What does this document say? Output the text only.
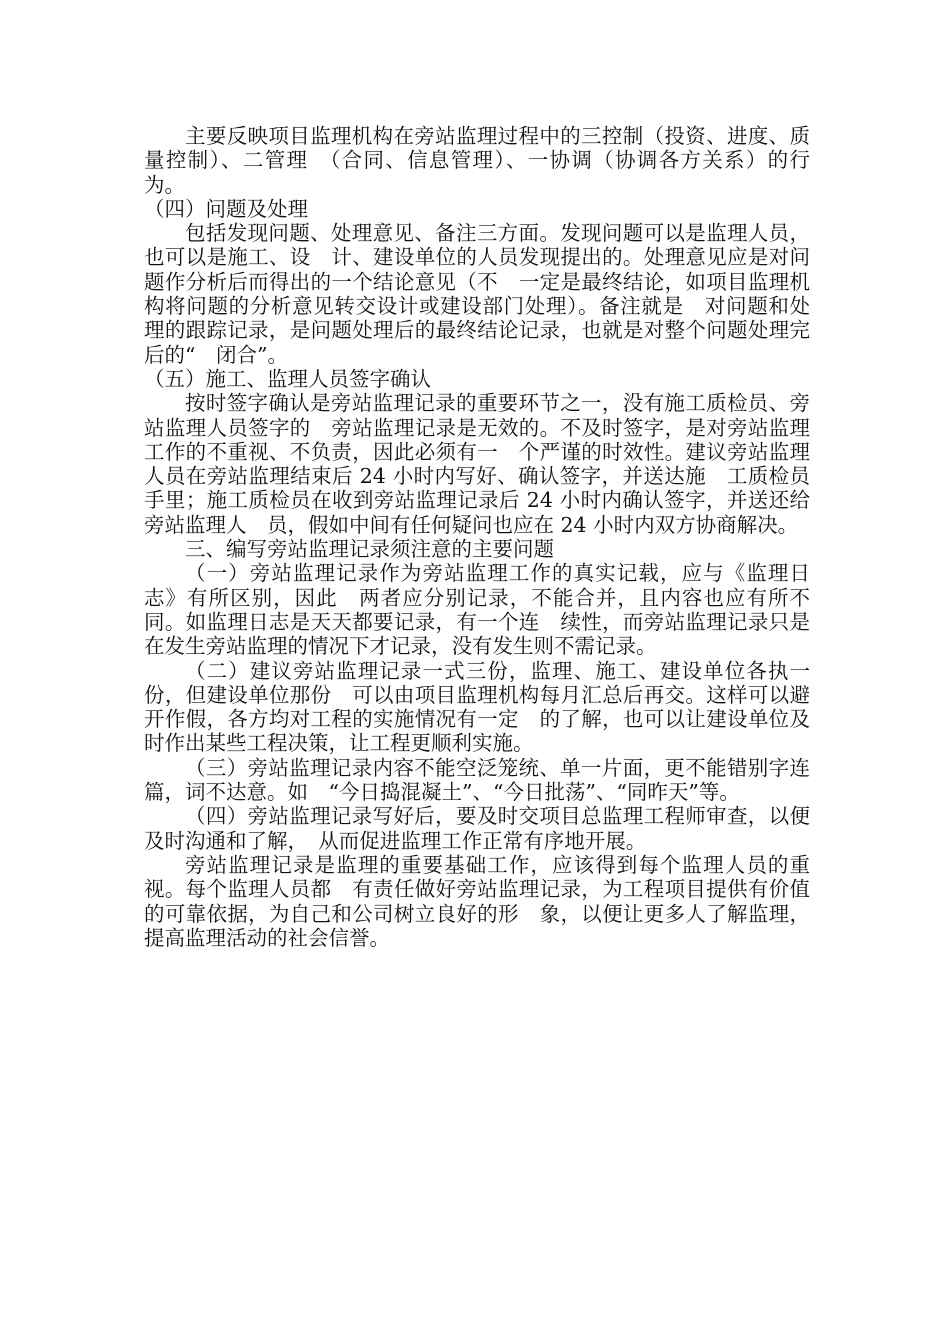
主要反映项目监理机构在旁站监理过程中的三控制（投资、进度、质量控制）、二管理　（合同、信息管理）、一协调（协调各方关系）的行为。

（四）问题及处理

包括发现问题、处理意见、备注三方面。发现问题可以是监理人员，也可以是施工、设　计、建设单位的人员发现提出的。处理意见应是对问题作分析后而得出的一个结论意见（不　一定是最终结论，如项目监理机构将问题的分析意见转交设计或建设部门处理）。备注就是　对问题和处理的跟踪记录，是问题处理后的最终结论记录，也就是对整个问题处理完后的“　闭合”。

（五）施工、监理人员签字确认

按时签字确认是旁站监理记录的重要环节之一，没有施工质检员、旁站监理人员签字的　旁站监理记录是无效的。不及时签字，是对旁站监理工作的不重视、不负责，因此必须有一　个严谨的时效性。建议旁站监理人员在旁站监理结束后 24 小时内写好、确认签字，并送达施　工质检员手里；施工质检员在收到旁站监理记录后 24 小时内确认签字，并送还给旁站监理人　员，假如中间有任何疑问也应在 24 小时内双方协商解决。

三、编写旁站监理记录须注意的主要问题

（一）旁站监理记录作为旁站监理工作的真实记载，应与《监理日志》有所区别，因此　两者应分别记录，不能合并，且内容也应有所不同。如监理日志是天天都要记录，有一个连　续性，而旁站监理记录只是在发生旁站监理的情况下才记录，没有发生则不需记录。

（二）建议旁站监理记录一式三份，监理、施工、建设单位各执一份，但建设单位那份　可以由项目监理机构每月汇总后再交。这样可以避开作假，各方均对工程的实施情况有一定　的了解，也可以让建设单位及时作出某些工程决策，让工程更顺利实施。

（三）旁站监理记录内容不能空泛笼统、单一片面，更不能错别字连篇，词不达意。如　“今日捣混凝土”、“今日批荡”、“同昨天”等。

（四）旁站监理记录写好后，要及时交项目总监理工程师审查，以便及时沟通和了解，　从而促进监理工作正常有序地开展。

旁站监理记录是监理的重要基础工作，应该得到每个监理人员的重视。每个监理人员都　有责任做好旁站监理记录，为工程项目提供有价值的可靠依据，为自己和公司树立良好的形　象，以便让更多人了解监理，提高监理活动的社会信誉。
